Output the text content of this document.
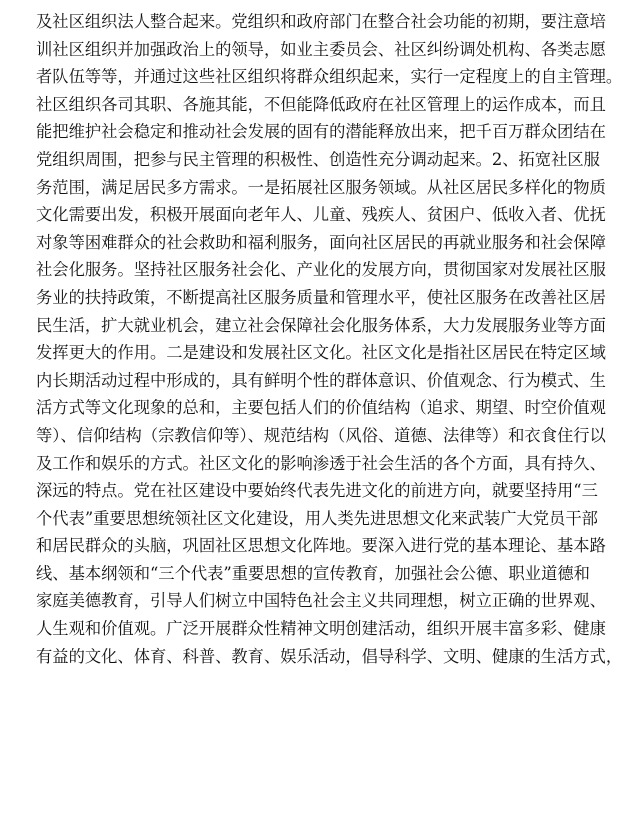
及社区组织法人整合起来。党组织和政府部门在整合社会功能的初期，要注意培
训社区组织并加强政治上的领导，如业主委员会、社区纠纷调处机构、各类志愿
者队伍等等，并通过这些社区组织将群众组织起来，实行一定程度上的自主管理。
社区组织各司其职、各施其能，不但能降低政府在社区管理上的运作成本，而且
能把维护社会稳定和推动社会发展的固有的潜能释放出来，把千百万群众团结在
党组织周围，把参与民主管理的积极性、创造性充分调动起来。2、拓宽社区服
务范围，满足居民多方需求。一是拓展社区服务领域。从社区居民多样化的物质
文化需要出发，积极开展面向老年人、儿童、残疾人、贫困户、低收入者、优抚
对象等困难群众的社会救助和福利服务，面向社区居民的再就业服务和社会保障
社会化服务。坚持社区服务社会化、产业化的发展方向，贯彻国家对发展社区服
务业的扶持政策，不断提高社区服务质量和管理水平，使社区服务在改善社区居
民生活，扩大就业机会，建立社会保障社会化服务体系，大力发展服务业等方面
发挥更大的作用。二是建设和发展社区文化。社区文化是指社区居民在特定区域
内长期活动过程中形成的，具有鲜明个性的群体意识、价值观念、行为模式、生
活方式等文化现象的总和，主要包括人们的价值结构（追求、期望、时空价值观
等）、信仰结构（宗教信仰等）、规范结构（风俗、道德、法律等）和衣食住行以
及工作和娱乐的方式。社区文化的影响渗透于社会生活的各个方面，具有持久、
深远的特点。党在社区建设中要始终代表先进文化的前进方向，就要坚持用“三
个代表”重要思想统领社区文化建设，用人类先进思想文化来武装广大党员干部
和居民群众的头脑，巩固社区思想文化阵地。要深入进行党的基本理论、基本路
线、基本纲领和“三个代表”重要思想的宣传教育，加强社会公德、职业道德和
家庭美德教育，引导人们树立中国特色社会主义共同理想，树立正确的世界观、
人生观和价值观。广泛开展群众性精神文明创建活动，组织开展丰富多彩、健康
有益的文化、体育、科普、教育、娱乐活动，倡导科学、文明、健康的生活方式，
